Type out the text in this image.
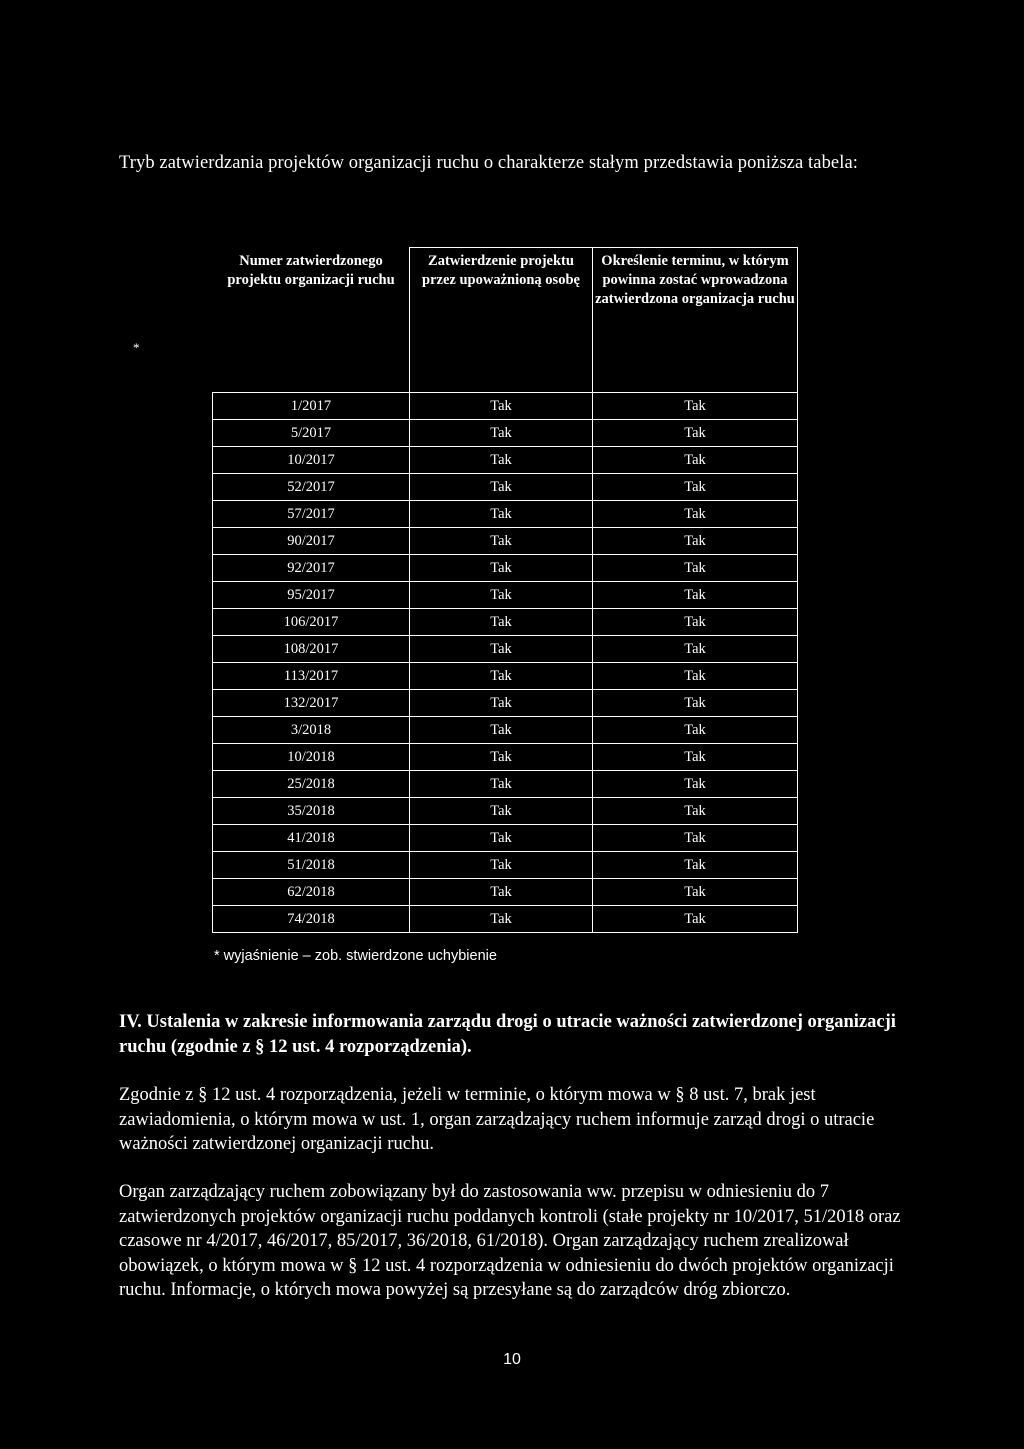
Tryb zatwierdzania projektów organizacji ruchu o charakterze stałym przedstawia poniższa tabela:
Numer zatwierdzonego projektu organizacji ruchu	Zatwierdzenie projektu przez upoważnioną osobę	Określenie terminu, w którym powinna zostać wprowadzona zatwierdzona organizacja ruchu
1/2017	Tak	Tak
5/2017	Tak	Tak
10/2017	Tak	Tak
52/2017	Tak	Tak
57/2017	Tak	Tak
90/2017	Tak	Tak
92/2017	Tak	Tak
95/2017	Tak	Tak
106/2017	Tak	Tak
108/2017	Tak	Tak
113/2017	Tak	Tak
132/2017	Tak	Tak
3/2018	Tak	Tak
10/2018	Tak	Tak
25/2018	Tak	Tak
35/2018	Tak	Tak
41/2018	Tak	Tak
51/2018	Tak	Tak
62/2018	Tak	Tak
74/2018	Tak	Tak
*
* wyjaśnienie – zob. stwierdzone uchybienie
IV. Ustalenia w zakresie informowania zarządu drogi o utracie ważności zatwierdzonej organizacji ruchu (zgodnie z § 12 ust. 4 rozporządzenia).
Zgodnie z § 12 ust. 4 rozporządzenia, jeżeli w terminie, o którym mowa w § 8 ust. 7, brak jest zawiadomienia, o którym mowa w ust. 1, organ zarządzający ruchem informuje zarząd drogi o utracie ważności zatwierdzonej organizacji ruchu.
Organ zarządzający ruchem zobowiązany był do zastosowania ww. przepisu w odniesieniu do 7 zatwierdzonych projektów organizacji ruchu poddanych kontroli (stałe projekty nr 10/2017, 51/2018 oraz czasowe nr 4/2017, 46/2017, 85/2017, 36/2018, 61/2018). Organ zarządzający ruchem zrealizował obowiązek, o którym mowa w § 12 ust. 4 rozporządzenia w odniesieniu do dwóch projektów organizacji ruchu. Informacje, o których mowa powyżej są przesyłane są do zarządców dróg zbiorczo.
10
